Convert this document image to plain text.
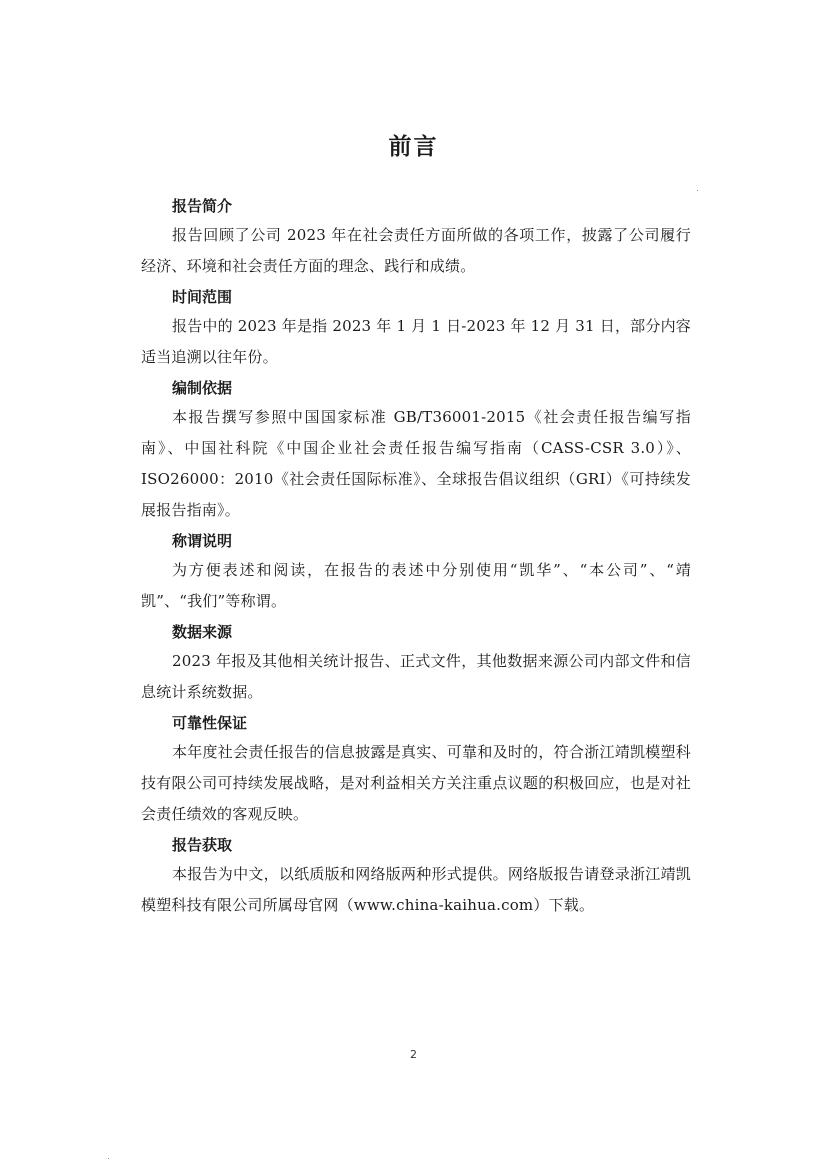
前言
报告简介

报告回顾了公司 2023 年在社会责任方面所做的各项工作，披露了公司履行经济、环境和社会责任方面的理念、践行和成绩。

时间范围

报告中的 2023 年是指 2023 年 1 月 1 日-2023 年 12 月 31 日，部分内容适当追溯以往年份。

编制依据

本报告撰写参照中国国家标准 GB/T36001-2015《社会责任报告编写指南》、中国社科院《中国企业社会责任报告编写指南（CASS-CSR 3.0）》、ISO26000：2010《社会责任国际标准》、全球报告倡议组织（GRI）《可持续发展报告指南》。

称谓说明

为方便表述和阅读，在报告的表述中分别使用“凯华”、“本公司”、“靖凯”、“我们”等称谓。

数据来源

2023 年报及其他相关统计报告、正式文件，其他数据来源公司内部文件和信息统计系统数据。

可靠性保证

本年度社会责任报告的信息披露是真实、可靠和及时的，符合浙江靖凯模塑科技有限公司可持续发展战略，是对利益相关方关注重点议题的积极回应，也是对社会责任绩效的客观反映。

报告获取

本报告为中文，以纸质版和网络版两种形式提供。网络版报告请登录浙江靖凯模塑科技有限公司所属母官网（www.china-kaihua.com）下载。

2
